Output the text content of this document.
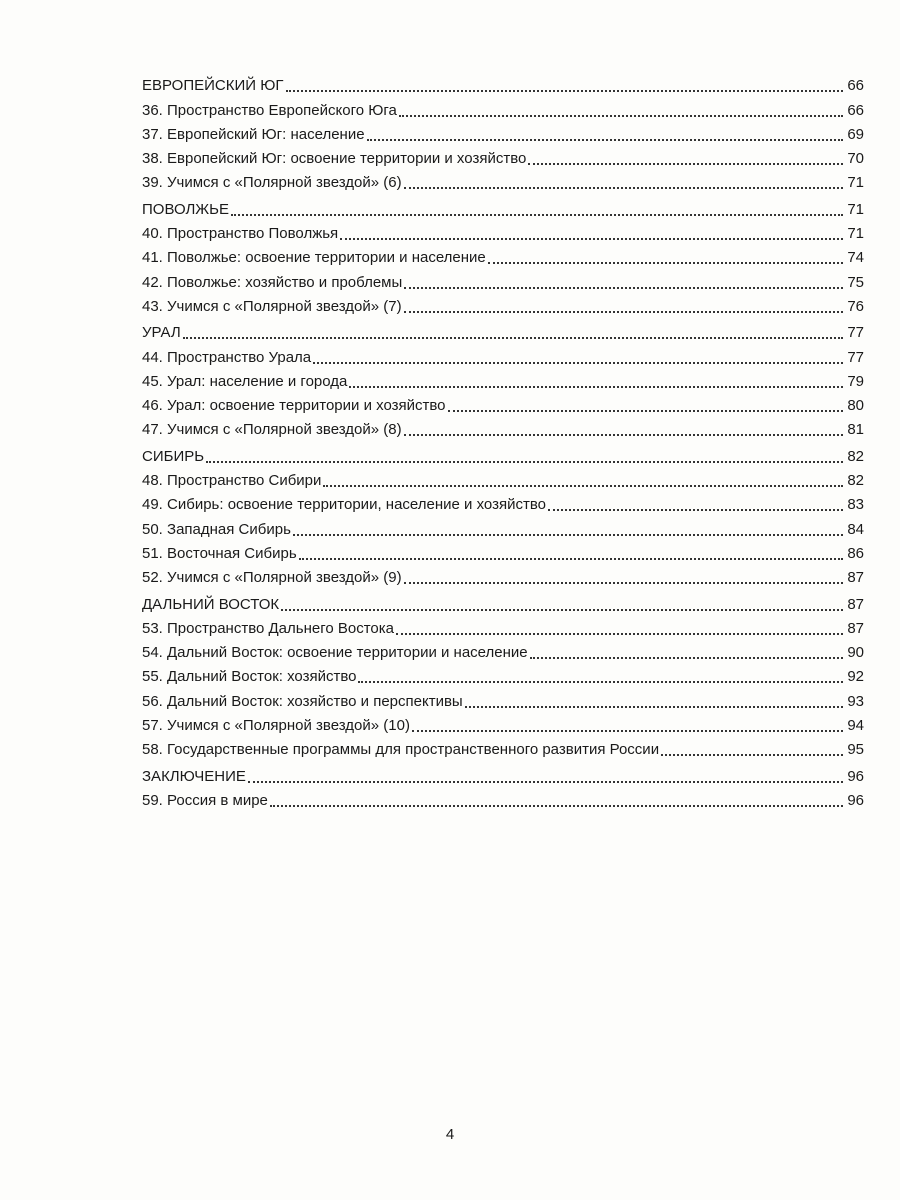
ЕВРОПЕЙСКИЙ ЮГ	66
36. Пространство Европейского Юга	66
37. Европейский Юг: население	69
38. Европейский Юг: освоение территории и хозяйство	70
39. Учимся с «Полярной звездой» (6)	71
ПОВОЛЖЬЕ	71
40. Пространство Поволжья	71
41. Поволжье: освоение территории и население	74
42. Поволжье: хозяйство и проблемы	75
43. Учимся с «Полярной звездой» (7)	76
УРАЛ	77
44. Пространство Урала	77
45. Урал: население и города	79
46. Урал: освоение территории и хозяйство	80
47. Учимся с «Полярной звездой» (8)	81
СИБИРЬ	82
48. Пространство Сибири	82
49. Сибирь: освоение территории, население и хозяйство	83
50. Западная Сибирь	84
51. Восточная Сибирь	86
52. Учимся с «Полярной звездой» (9)	87
ДАЛЬНИЙ ВОСТОК	87
53. Пространство Дальнего Востока	87
54. Дальний Восток: освоение территории и население	90
55. Дальний Восток: хозяйство	92
56. Дальний Восток: хозяйство и перспективы	93
57. Учимся с «Полярной звездой» (10)	94
58. Государственные программы для пространственного развития России	95
ЗАКЛЮЧЕНИЕ	96
59. Россия в мире	96
4
